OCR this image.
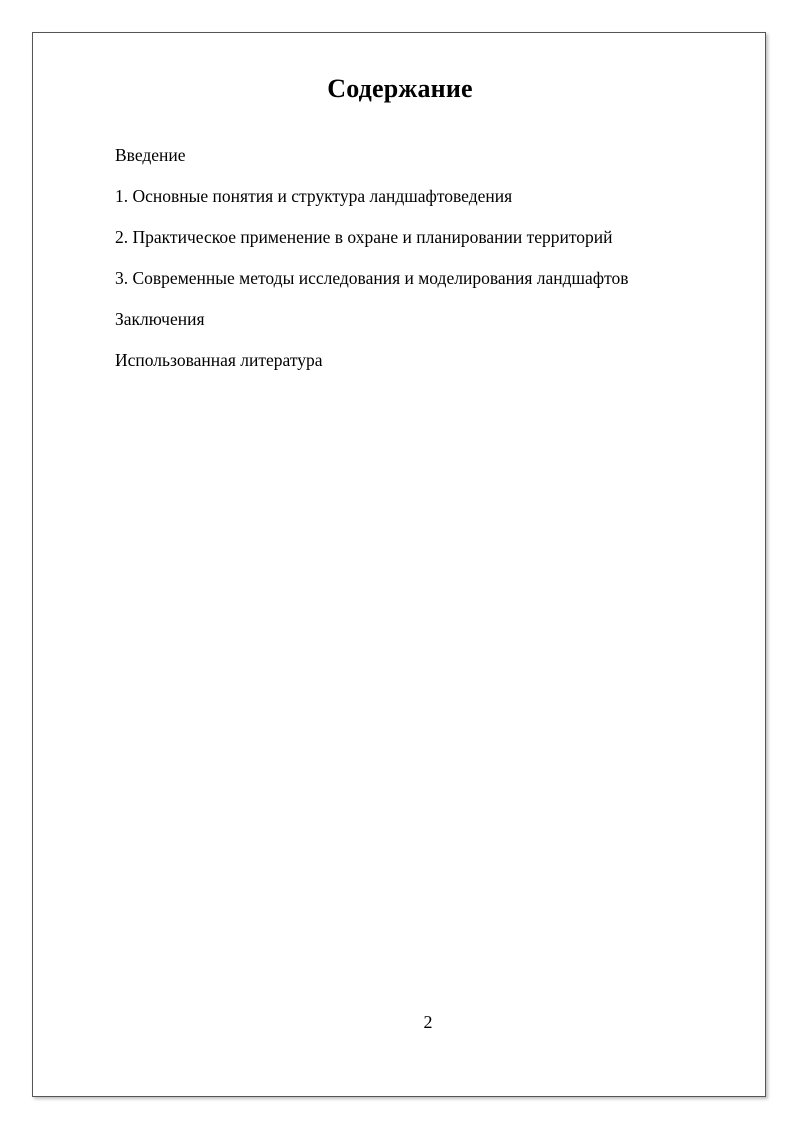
Содержание
Введение
1. Основные понятия и структура ландшафтоведения
2. Практическое применение в охране и планировании территорий
3. Современные методы исследования и моделирования ландшафтов
Заключения
Использованная литература
2
